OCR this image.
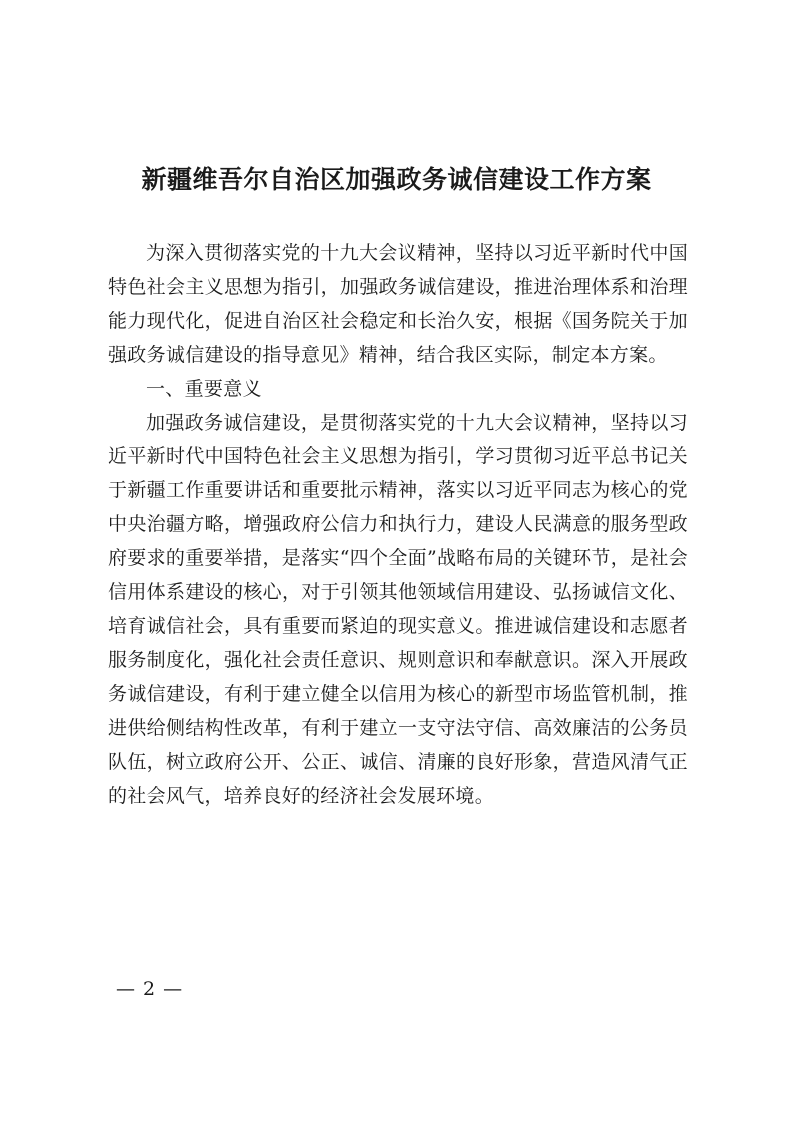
新疆维吾尔自治区加强政务诚信建设工作方案

为深入贯彻落实党的十九大会议精神，坚持以习近平新时代中国特色社会主义思想为指引，加强政务诚信建设，推进治理体系和治理能力现代化，促进自治区社会稳定和长治久安，根据《国务院关于加强政务诚信建设的指导意见》精神，结合我区实际，制定本方案。

一、重要意义

加强政务诚信建设，是贯彻落实党的十九大会议精神，坚持以习近平新时代中国特色社会主义思想为指引，学习贯彻习近平总书记关于新疆工作重要讲话和重要批示精神，落实以习近平同志为核心的党中央治疆方略，增强政府公信力和执行力，建设人民满意的服务型政府要求的重要举措，是落实“四个全面”战略布局的关键环节，是社会信用体系建设的核心，对于引领其他领域信用建设、弘扬诚信文化、培育诚信社会，具有重要而紧迫的现实意义。推进诚信建设和志愿者服务制度化，强化社会责任意识、规则意识和奉献意识。深入开展政务诚信建设，有利于建立健全以信用为核心的新型市场监管机制，推进供给侧结构性改革，有利于建立一支守法守信、高效廉洁的公务员队伍，树立政府公开、公正、诚信、清廉的良好形象，营造风清气正的社会风气，培养良好的经济社会发展环境。

— 2 —
